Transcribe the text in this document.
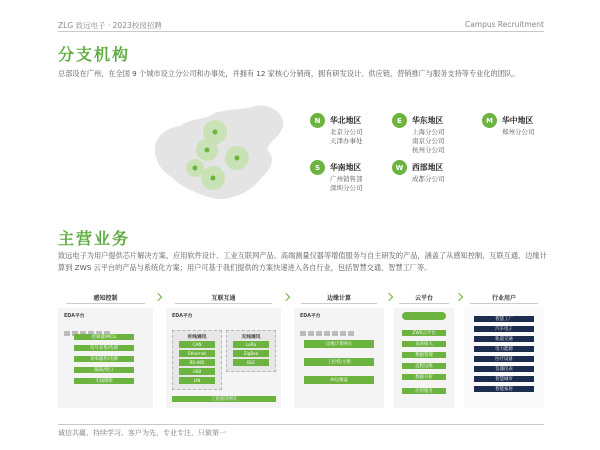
ZLG 致远电子 · 2023校园招聘	Campus Recruitment
分支机构
总部设在广州，在全国 9 个城市设立分公司和办事处，并拥有 12 家核心分销商，拥有研发设计、供应链、营销推广与服务支持等专业化的团队。
N	华北地区
北京分公司
天津办事处
E	华东地区
上海分公司
南京分公司
杭州分公司
M	华中地区
郑州分公司
S	华南地区
广州销售部
深圳分公司
W	西部地区
成都分公司
主营业务
致远电子为用户提供芯片解决方案、应用软件设计、工业互联网产品、高端测量仪器等增值服务与自主研发的产品，涵盖了从感知控制、互联互通、边缘计算到 ZWS 云平台的产品与系统化方案；用户可基于我们提供的方案快速进入各自行业，包括智慧交通、智慧工厂等。
感知控制	互联互通	边缘计算	云平台	行业用户
EDA平台
控制器/MCU
信号采集/传感
功率器件/电源
隔离/接口
无线模组
EDA平台
有线通讯
CAN
Ethernet
RS-485
USB
LIN
无线通讯
LoRa
ZigBee
BLE
工业通讯网关
EDA平台
边缘计算网关
工控机/主板
AI边缘盒
ZWS云平台
设备接入
数据管理
远程运维
数据分析
应用服务
智慧工厂
汽车电子
轨道交通
电力能源
医疗设备
仪器仪表
智慧城市
智能家居
诚信共赢、持续学习、客户为先、专业专注、只做第一
